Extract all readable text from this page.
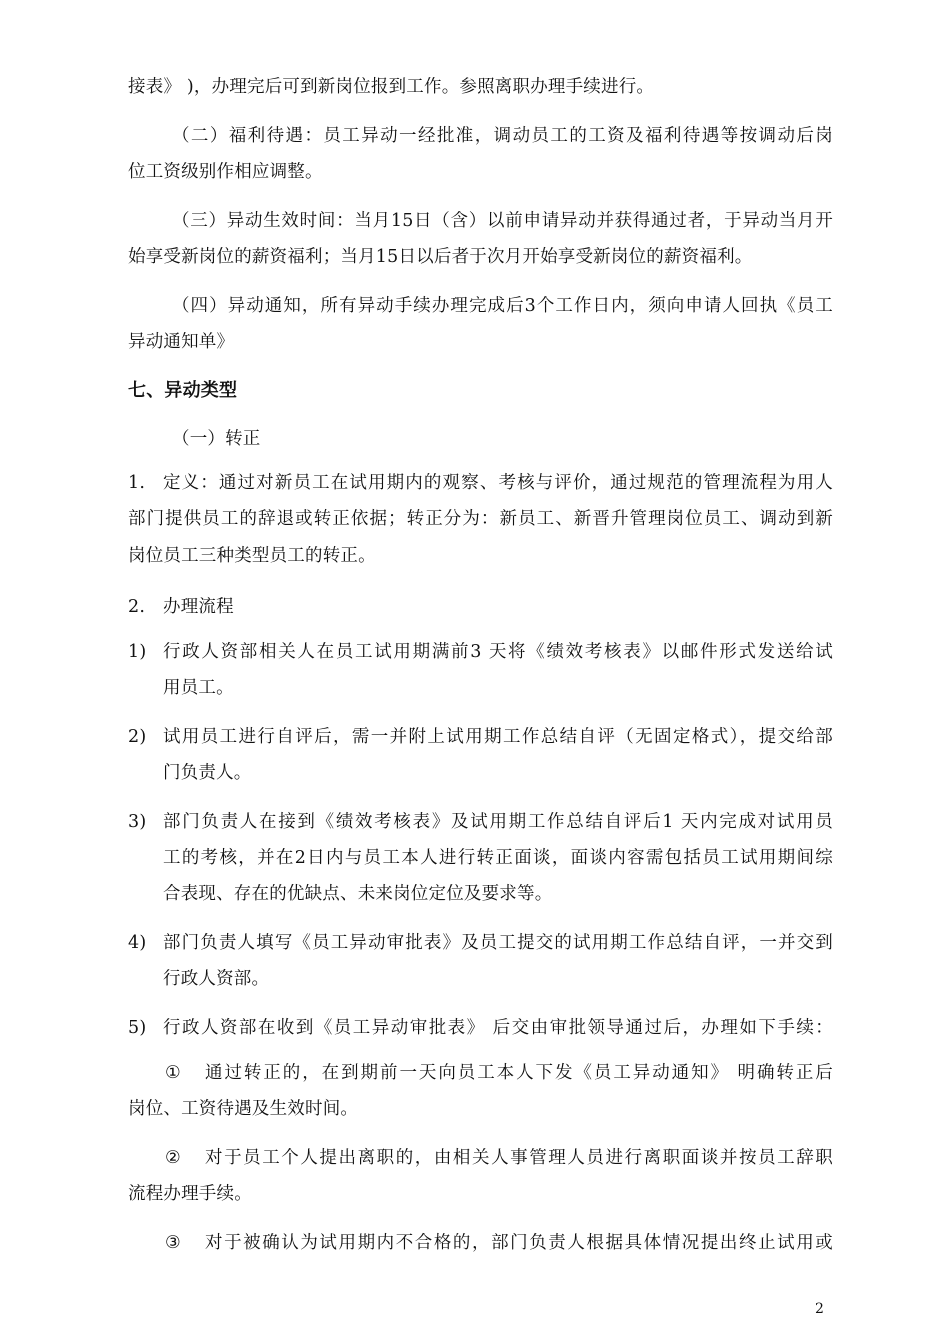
接表》 )，办理完后可到新岗位报到工作。参照离职办理手续进行。
（二）福利待遇：员工异动一经批准，调动员工的工资及福利待遇等按调动后岗
位工资级别作相应调整。
（三）异动生效时间：当月15日（含）以前申请异动并获得通过者，于异动当月开
始享受新岗位的薪资福利；当月15日以后者于次月开始享受新岗位的薪资福利。
（四）异动通知，所有异动手续办理完成后3个工作日内，须向申请人回执《员工
异动通知单》
七、异动类型
（一）转正
1.	定义：通过对新员工在试用期内的观察、考核与评价，通过规范的管理流程为用人
部门提供员工的辞退或转正依据；转正分为：新员工、新晋升管理岗位员工、调动到新
岗位员工三种类型员工的转正。
2.	办理流程
1) 行政人资部相关人在员工试用期满前3 天将《绩效考核表》以邮件形式发送给试
用员工。
2) 试用员工进行自评后，需一并附上试用期工作总结自评（无固定格式），提交给部
门负责人。
3) 部门负责人在接到《绩效考核表》及试用期工作总结自评后1 天内完成对试用员
工的考核，并在2日内与员工本人进行转正面谈，面谈内容需包括员工试用期间综
合表现、存在的优缺点、未来岗位定位及要求等。
4) 部门负责人填写《员工异动审批表》及员工提交的试用期工作总结自评，一并交到
行政人资部。
5) 行政人资部在收到《员工异动审批表》 后交由审批领导通过后，办理如下手续：
①	通过转正的，在到期前一天向员工本人下发《员工异动通知》 明确转正后
岗位、工资待遇及生效时间。
②	对于员工个人提出离职的，由相关人事管理人员进行离职面谈并按员工辞职
流程办理手续。
③	对于被确认为试用期内不合格的，部门负责人根据具体情况提出终止试用或
2
